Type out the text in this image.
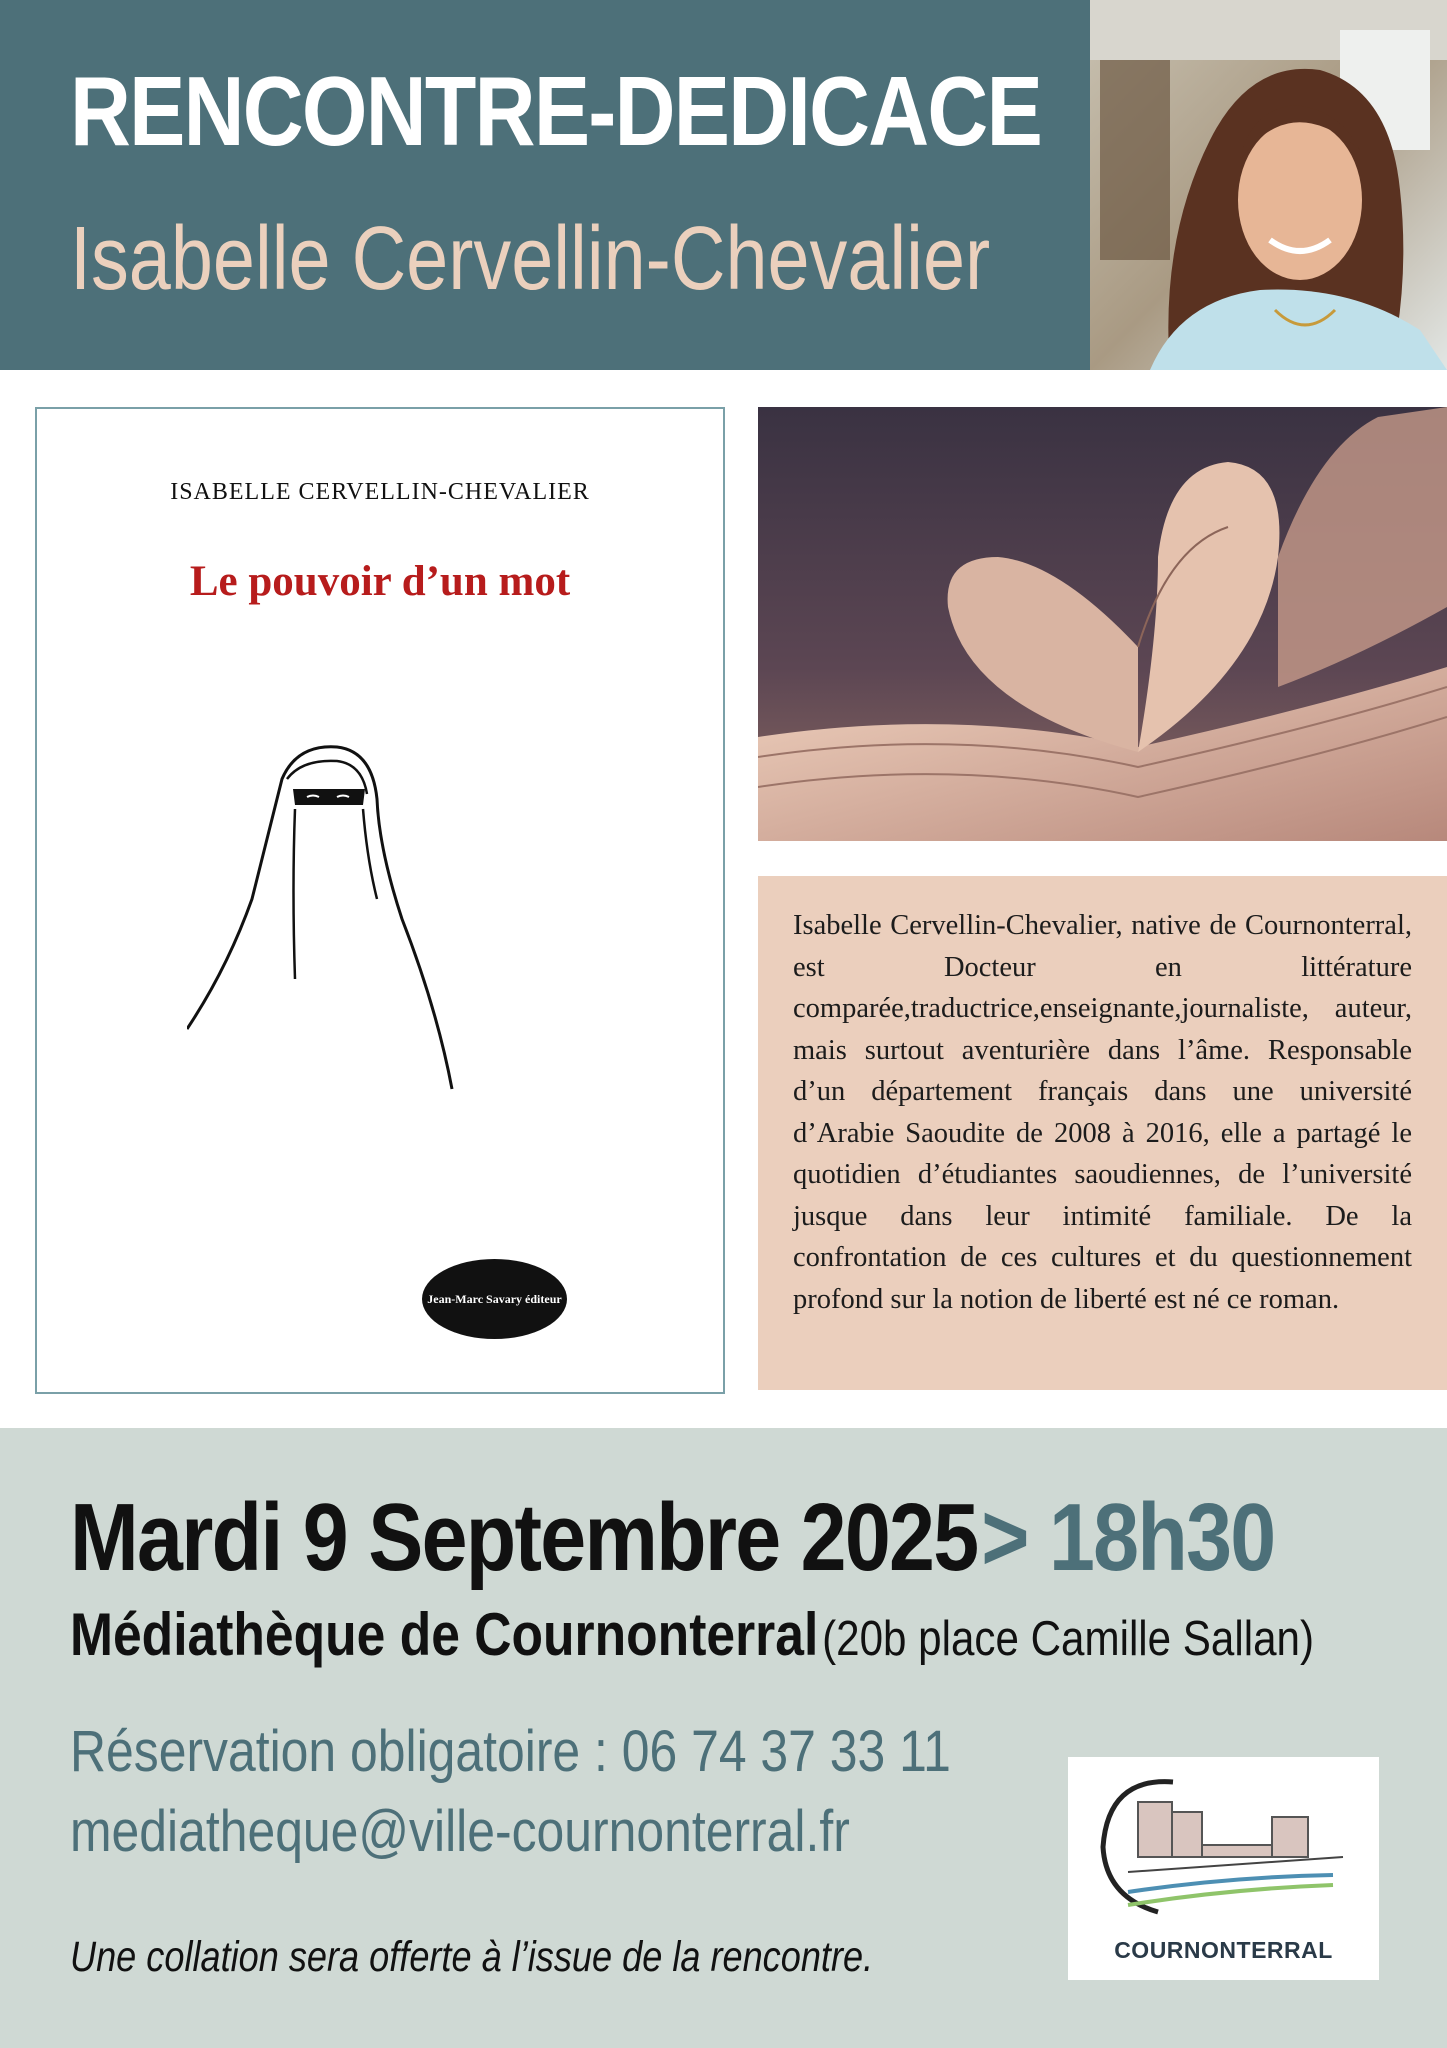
RENCONTRE-DEDICACE
Isabelle Cervellin-Chevalier
ISABELLE CERVELLIN-CHEVALIER
Le pouvoir d’un mot
Jean-Marc Savary éditeur

Isabelle Cervellin-Chevalier, native de Cournonterral, est Docteur en littérature comparée,traductrice,enseignante,journaliste, auteur, mais surtout aventurière dans l’âme. Responsable d’un département français dans une université d’Arabie Saoudite de 2008 à 2016, elle a partagé le quotidien d’étudiantes saoudiennes, de l’université jusque dans leur intimité familiale. De la confrontation de ces cultures et du questionnement profond sur la notion de liberté est né ce roman.

Mardi 9 Septembre 2025 > 18h30
Médiathèque de Cournonterral (20b place Camille Sallan)
Réservation obligatoire : 06 74 37 33 11
mediatheque@ville-cournonterral.fr
Une collation sera offerte à l’issue de la rencontre.	COURNONTERRAL
